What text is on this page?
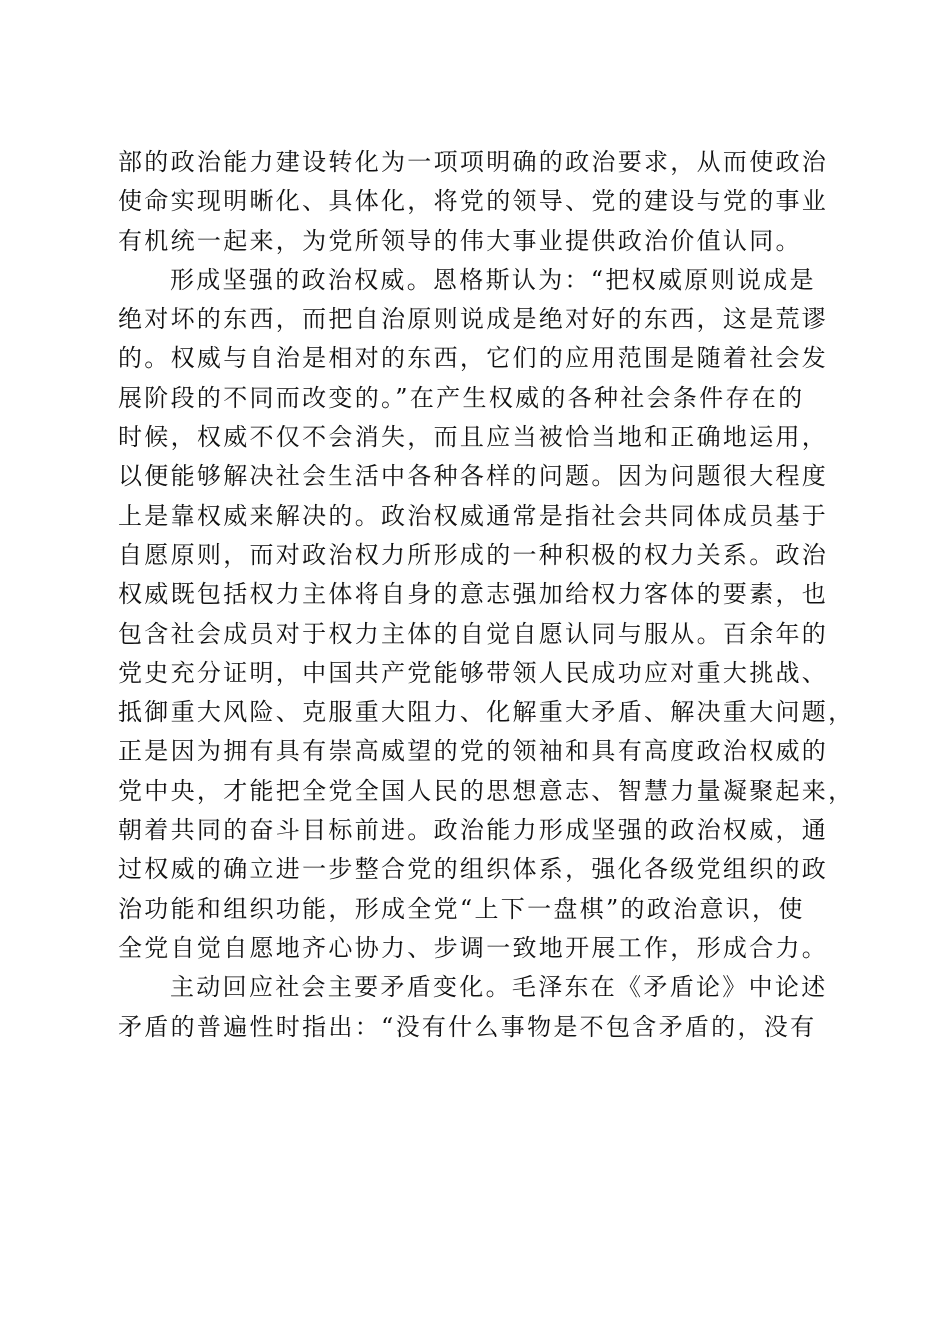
部的政治能力建设转化为一项项明确的政治要求，从而使政治
使命实现明晰化、具体化，将党的领导、党的建设与党的事业
有机统一起来，为党所领导的伟大事业提供政治价值认同。
形成坚强的政治权威。恩格斯认为：“把权威原则说成是
绝对坏的东西，而把自治原则说成是绝对好的东西，这是荒谬
的。权威与自治是相对的东西，它们的应用范围是随着社会发
展阶段的不同而改变的。”在产生权威的各种社会条件存在的
时候，权威不仅不会消失，而且应当被恰当地和正确地运用，
以便能够解决社会生活中各种各样的问题。因为问题很大程度
上是靠权威来解决的。政治权威通常是指社会共同体成员基于
自愿原则，而对政治权力所形成的一种积极的权力关系。政治
权威既包括权力主体将自身的意志强加给权力客体的要素，也
包含社会成员对于权力主体的自觉自愿认同与服从。百余年的
党史充分证明，中国共产党能够带领人民成功应对重大挑战、
抵御重大风险、克服重大阻力、化解重大矛盾、解决重大问题，
正是因为拥有具有崇高威望的党的领袖和具有高度政治权威的
党中央，才能把全党全国人民的思想意志、智慧力量凝聚起来，
朝着共同的奋斗目标前进。政治能力形成坚强的政治权威，通
过权威的确立进一步整合党的组织体系，强化各级党组织的政
治功能和组织功能，形成全党“上下一盘棋”的政治意识，使
全党自觉自愿地齐心协力、步调一致地开展工作，形成合力。
主动回应社会主要矛盾变化。毛泽东在《矛盾论》中论述
矛盾的普遍性时指出：“没有什么事物是不包含矛盾的，没有
